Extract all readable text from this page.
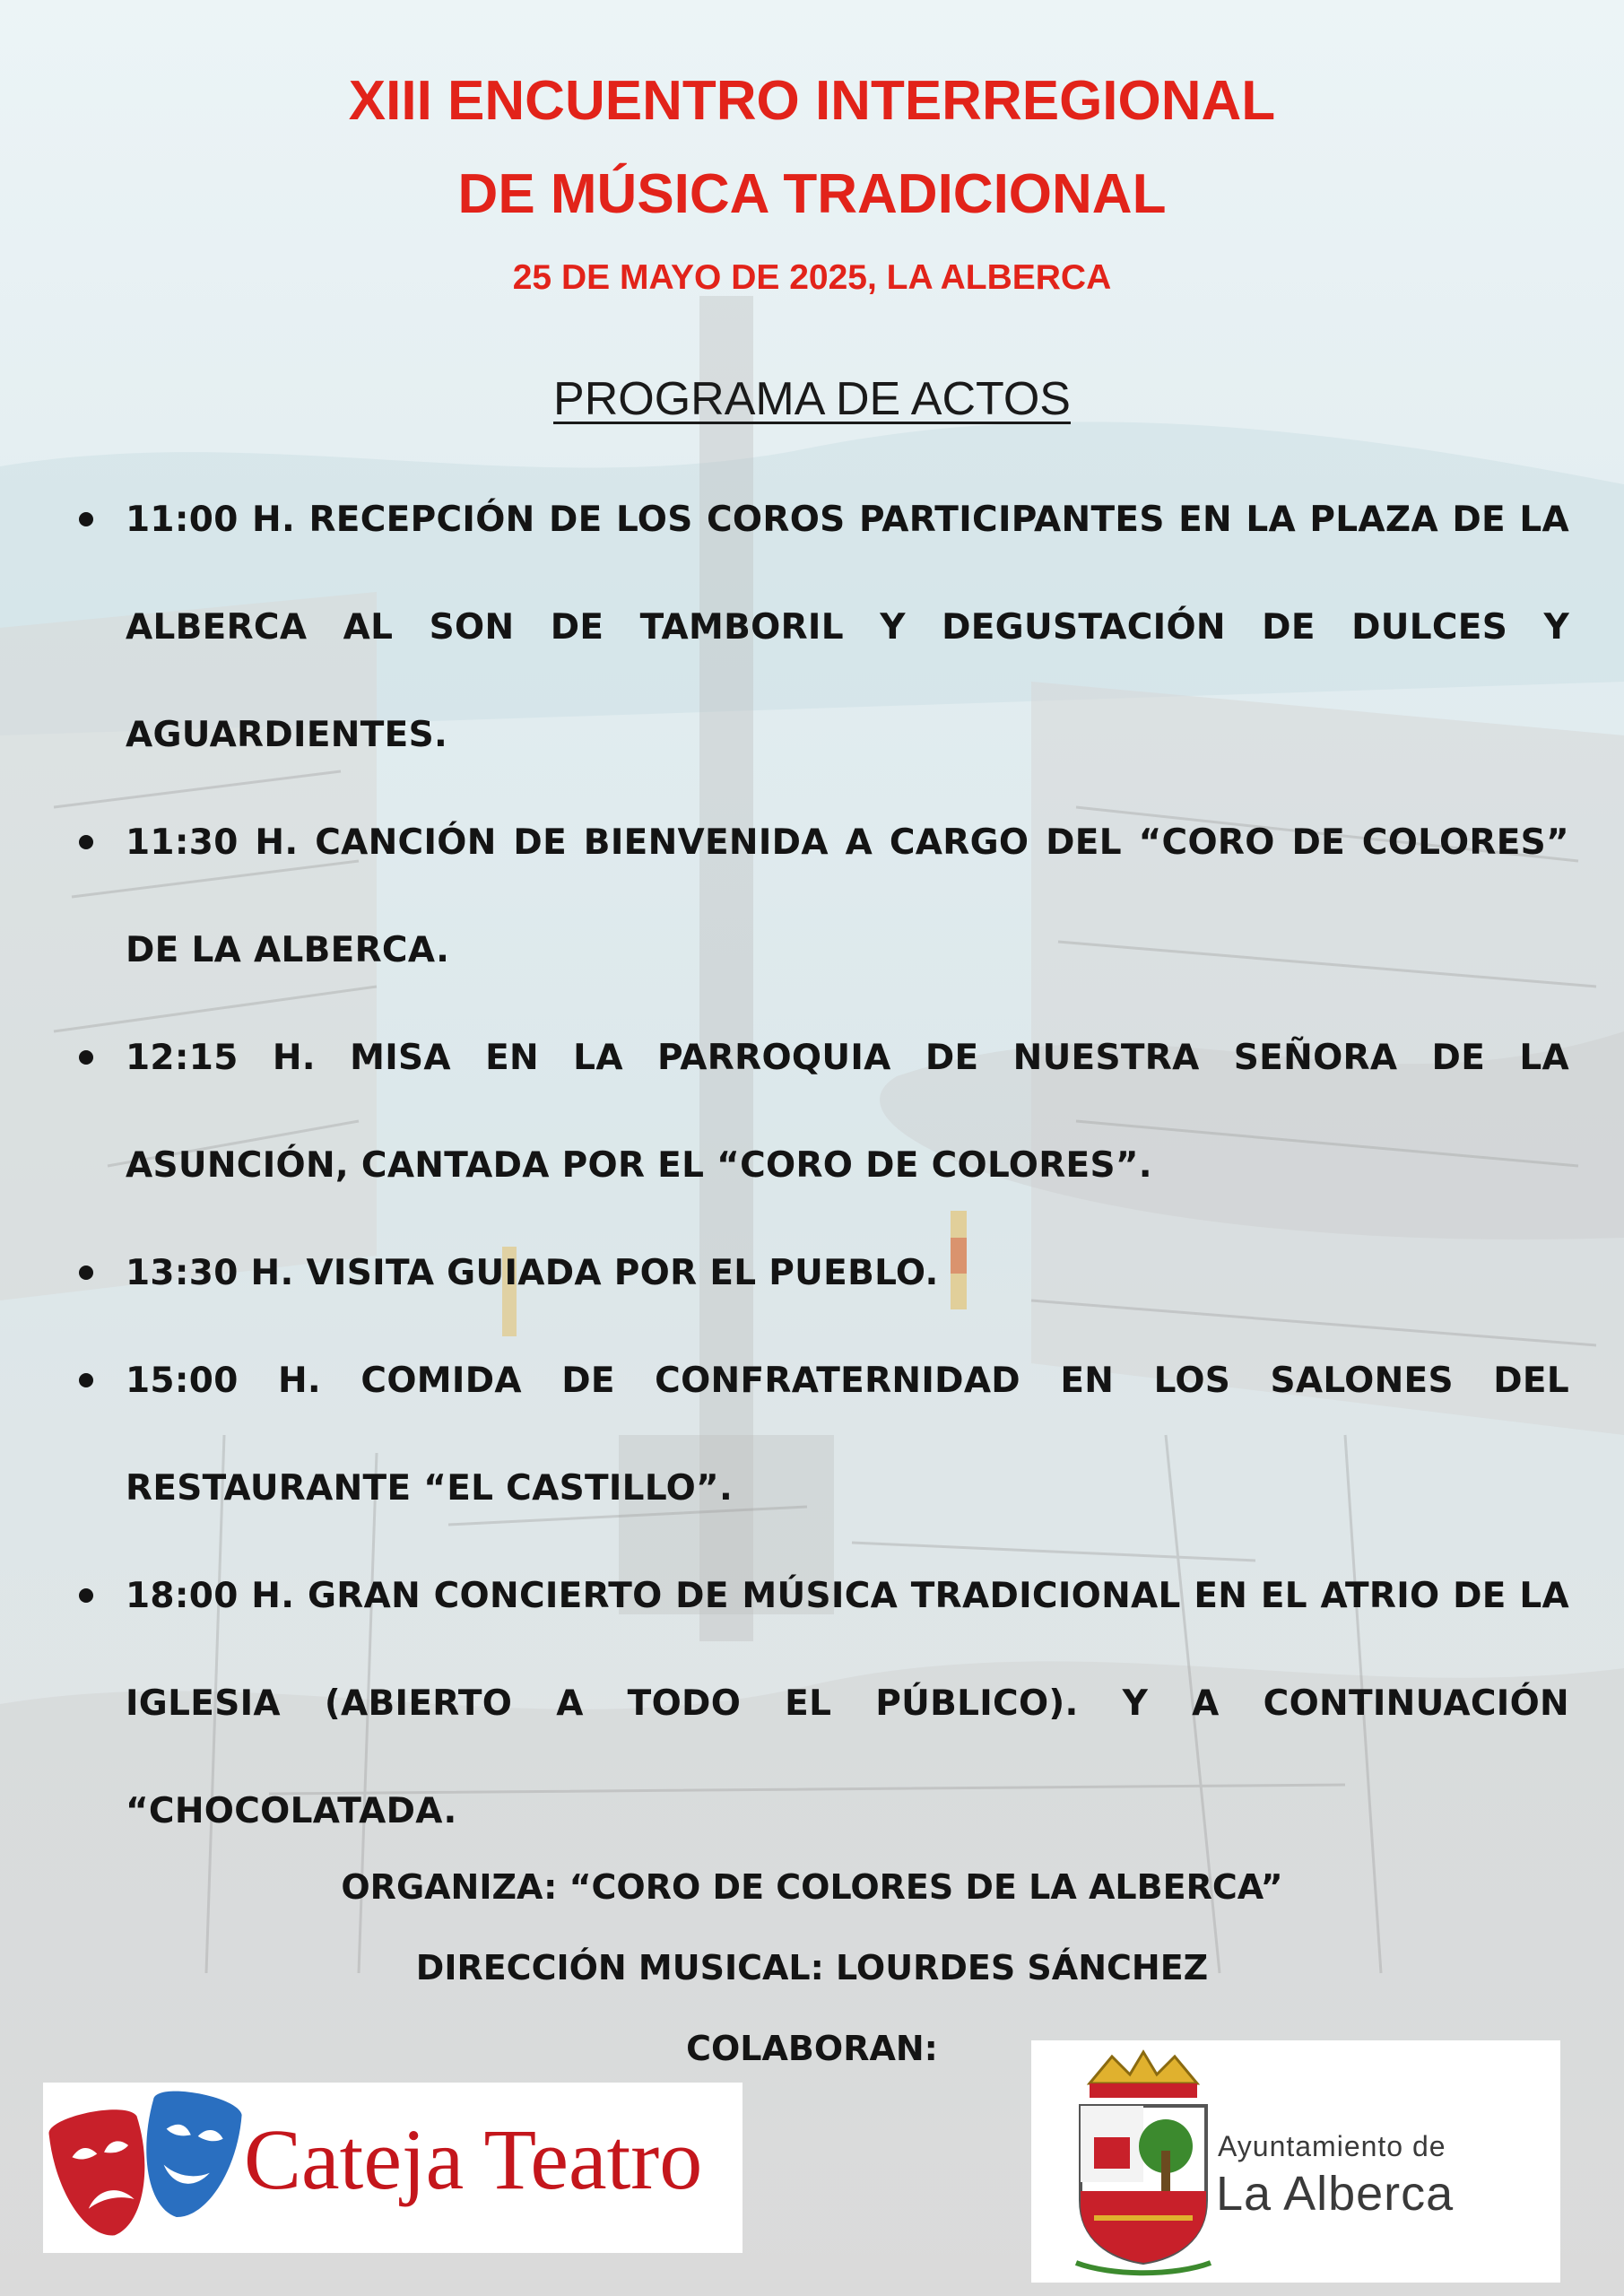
XIII ENCUENTRO INTERREGIONAL
DE MÚSICA TRADICIONAL
25 DE MAYO DE 2025, LA ALBERCA
PROGRAMA DE ACTOS
11:00 H. RECEPCIÓN DE LOS COROS PARTICIPANTES EN LA PLAZA DE LA ALBERCA AL SON DE TAMBORIL Y DEGUSTACIÓN DE DULCES Y AGUARDIENTES.
11:30 H. CANCIÓN DE BIENVENIDA A CARGO DEL “CORO DE COLORES” DE LA ALBERCA.
12:15 H. MISA EN LA PARROQUIA DE NUESTRA SEÑORA DE LA ASUNCIÓN, CANTADA POR EL “CORO DE COLORES”.
13:30 H. VISITA GUIADA POR EL PUEBLO.
15:00 H. COMIDA DE CONFRATERNIDAD EN LOS SALONES DEL RESTAURANTE “EL CASTILLO”.
18:00 H. GRAN CONCIERTO DE MÚSICA TRADICIONAL EN EL ATRIO DE LA IGLESIA (ABIERTO A TODO EL PÚBLICO). Y A CONTINUACIÓN “CHOCOLATADA.
ORGANIZA: “CORO DE COLORES DE LA ALBERCA”
DIRECCIÓN MUSICAL: LOURDES SÁNCHEZ
COLABORAN:
Cateja Teatro	Ayuntamiento de
La Alberca
